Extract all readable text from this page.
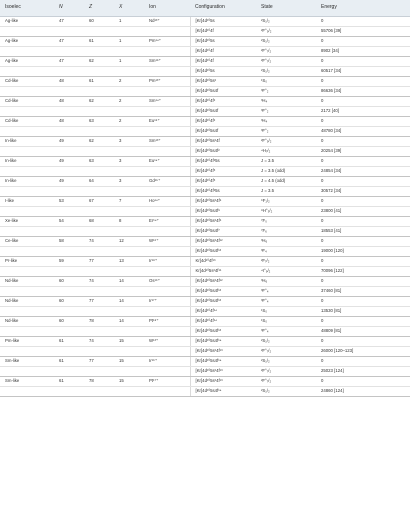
Isoelec	N	Z	X	Ion	Configuration	State	Energy
Ag-like	47	60	1	Nd¹³⁺	[Kr]4d¹⁰5s	²S₁/₂	0
					[Kr]4d¹⁰4f	²F°₅/₂	55706 [39]
Ag-like	47	61	1	Pm¹⁴⁺	[Kr]4d¹⁰5s	²S₁/₂	0
					[Kr]4d¹⁰4f	²F°₇/₂	8902 [34]
Ag-like	47	62	1	Sm¹⁵⁺	[Kr]4d¹⁰4f	²F°₇/₂	0
					[Kr]4d¹⁰5s	²S₁/₂	60517 [34]
Cd-like	48	61	2	Pm¹³⁺	[Kr]4d¹⁰5s²	¹S₀	0
					[Kr]4d¹⁰5s4f	³F°₂	86636 [34]
Cd-like	48	62	2	Sm¹⁴⁺	[Kr]4d¹⁰4f²	³H₄	0
					[Kr]4d¹⁰5s4f	³F°₂	2172 [40]
Cd-like	48	63	2	Eu¹⁵⁺	[Kr]4d¹⁰4f²	³H₄	0
					[Kr]4d¹⁰5s4f	³F°₂	48780 [34]
In-like	49	62	3	Sm¹³⁺	[Kr]4d¹⁰5s²4f	²F°₅/₂	0
					[Kr]4d¹⁰5s4f²	⁴H₇/₂	20254 [39]
In-like	49	63	3	Eu¹⁴⁺	[Kr]4d¹⁰4f²5s	J = 3.5	0
					[Kr]4d¹⁰4f³	J = 3.5 (odd)	24854 [34]
In-like	49	64	3	Gd¹⁵⁺	[Kr]4d¹⁰4f³	J = 4.5 (odd)	0
					[Kr]4d¹⁰4f²5s	J = 3.5	30572 [34]
I-like	53	67	7	Ho¹⁴⁺	[Kr]4d¹⁰5s²4f⁵	⁶F₁/₂	0
					[Kr]4d¹⁰5s4f⁶	⁸H°₃/₂	23800 [41]
Xe-like	54	68	8	Er¹⁴⁺	[Kr]4d¹⁰5s²4f⁶	⁷F₀	0
					[Kr]4d¹⁰5s4f⁷	⁷F₆	18553 [41]
Ce-like	58	74	12	W¹⁶⁺	[Kr]4d¹⁰5s²4f¹²	³H₆	0
					[Kr]4d¹⁰5s4f¹³	³F₄	19000 [120]
Pr-like	59	77	13	Ir¹⁸⁺	Kr]4d¹⁰4f¹³	²F₇/₂	0
					Kr]4d¹⁰5s²4f¹¹	⁴I°₉/₂	70096 [122]
Nd-like	60	74	14	Os¹⁶⁺	[Kr]4d¹⁰5s²4f¹²	³H₆	0
					[Kr]4d¹⁰5s4f¹³	³F°₄	37460 [81]
Nd-like	60	77	14	Ir¹⁷⁺	[Kr]4d¹⁰5s4f¹³	³F°₄	0
					[Kr]4d¹⁰4f¹⁴	¹S₀	13530 [81]
Nd-like	60	78	14	Pt¹⁸⁺	[Kr]4d¹⁰4f¹⁴	¹S₀	0
					[Kr]4d¹⁰5s4f¹³	³F°₄	48809 [81]
Pm-like	61	74	15	W¹³⁺	[Kr]4d¹⁰5s4f¹⁴	²S₁/₂	0
					[Kr]4d¹⁰5s²4f¹³	²F°₇/₂	26000 [120–123]
Sm-like	61	77	15	Ir¹⁶⁺	[Kr]4d¹⁰5s4f¹⁴	²S₁/₂	0
					[Kr]4d¹⁰5s²4f¹³	²F°₇/₂	25023 [124]
Sm-like	61	78	15	Pt¹⁷⁺	[Kr]4d¹⁰5s²4f¹³	²F°₇/₂	0
					[Kr]4d¹⁰5s4f¹⁴	²S₁/₂	24860 [124]
